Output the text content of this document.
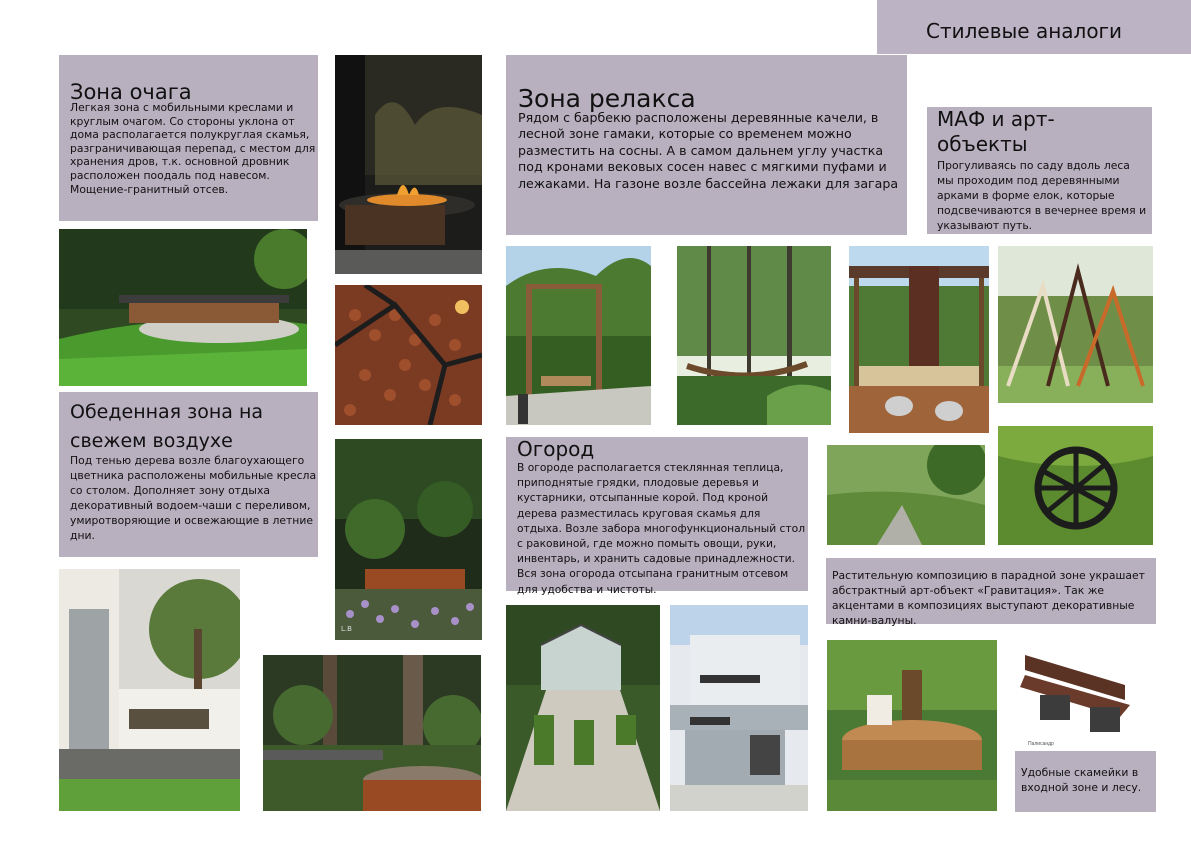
Стилевые аналоги
Зона очага
Легкая зона с мобильными креслами и круглым очагом. Со стороны уклона от дома располагается полукруглая скамья, разграничивающая перепад, с местом для хранения дров, т.к. основной дровник расположен поодаль под навесом. Мощение-гранитный отсев.
Зона релакса
Рядом с барбекю расположены деревянные качели, в лесной зоне гамаки, которые со временем можно разместить на сосны. А в самом дальнем углу участка под кронами вековых сосен навес с мягкими пуфами и лежаками. На газоне возле бассейна лежаки для загара
МАФ и арт-объекты
Прогуливаясь по саду вдоль леса мы проходим под деревянными арками в форме елок, которые подсвечиваются в вечернее время и указывают путь.
Обеденная зона на свежем воздухе
Под тенью дерева возле благоухающего цветника расположены мобильные кресла со столом. Дополняет зону отдыха декоративный водоем-чаши с переливом, умиротворяющие и освежающие в летние дни.
Огород
В огороде располагается стеклянная теплица, приподнятые грядки, плодовые деревья и кустарники, отсыпанные корой. Под кроной дерева разместилась круговая скамья для отдыха. Возле забора многофункциональный стол с раковиной, где можно помыть овощи, руки, инвентарь, и хранить садовые принадлежности. Вся зона огорода отсыпана гранитным отсевом для удобства и чистоты.
Растительную композицию в парадной зоне украшает абстрактный арт-объект «Гравитация». Так же акцентами в композициях выступают декоративные камни-валуны.
Удобные скамейки в входной зоне и лесу.
L.B
Палисандр
